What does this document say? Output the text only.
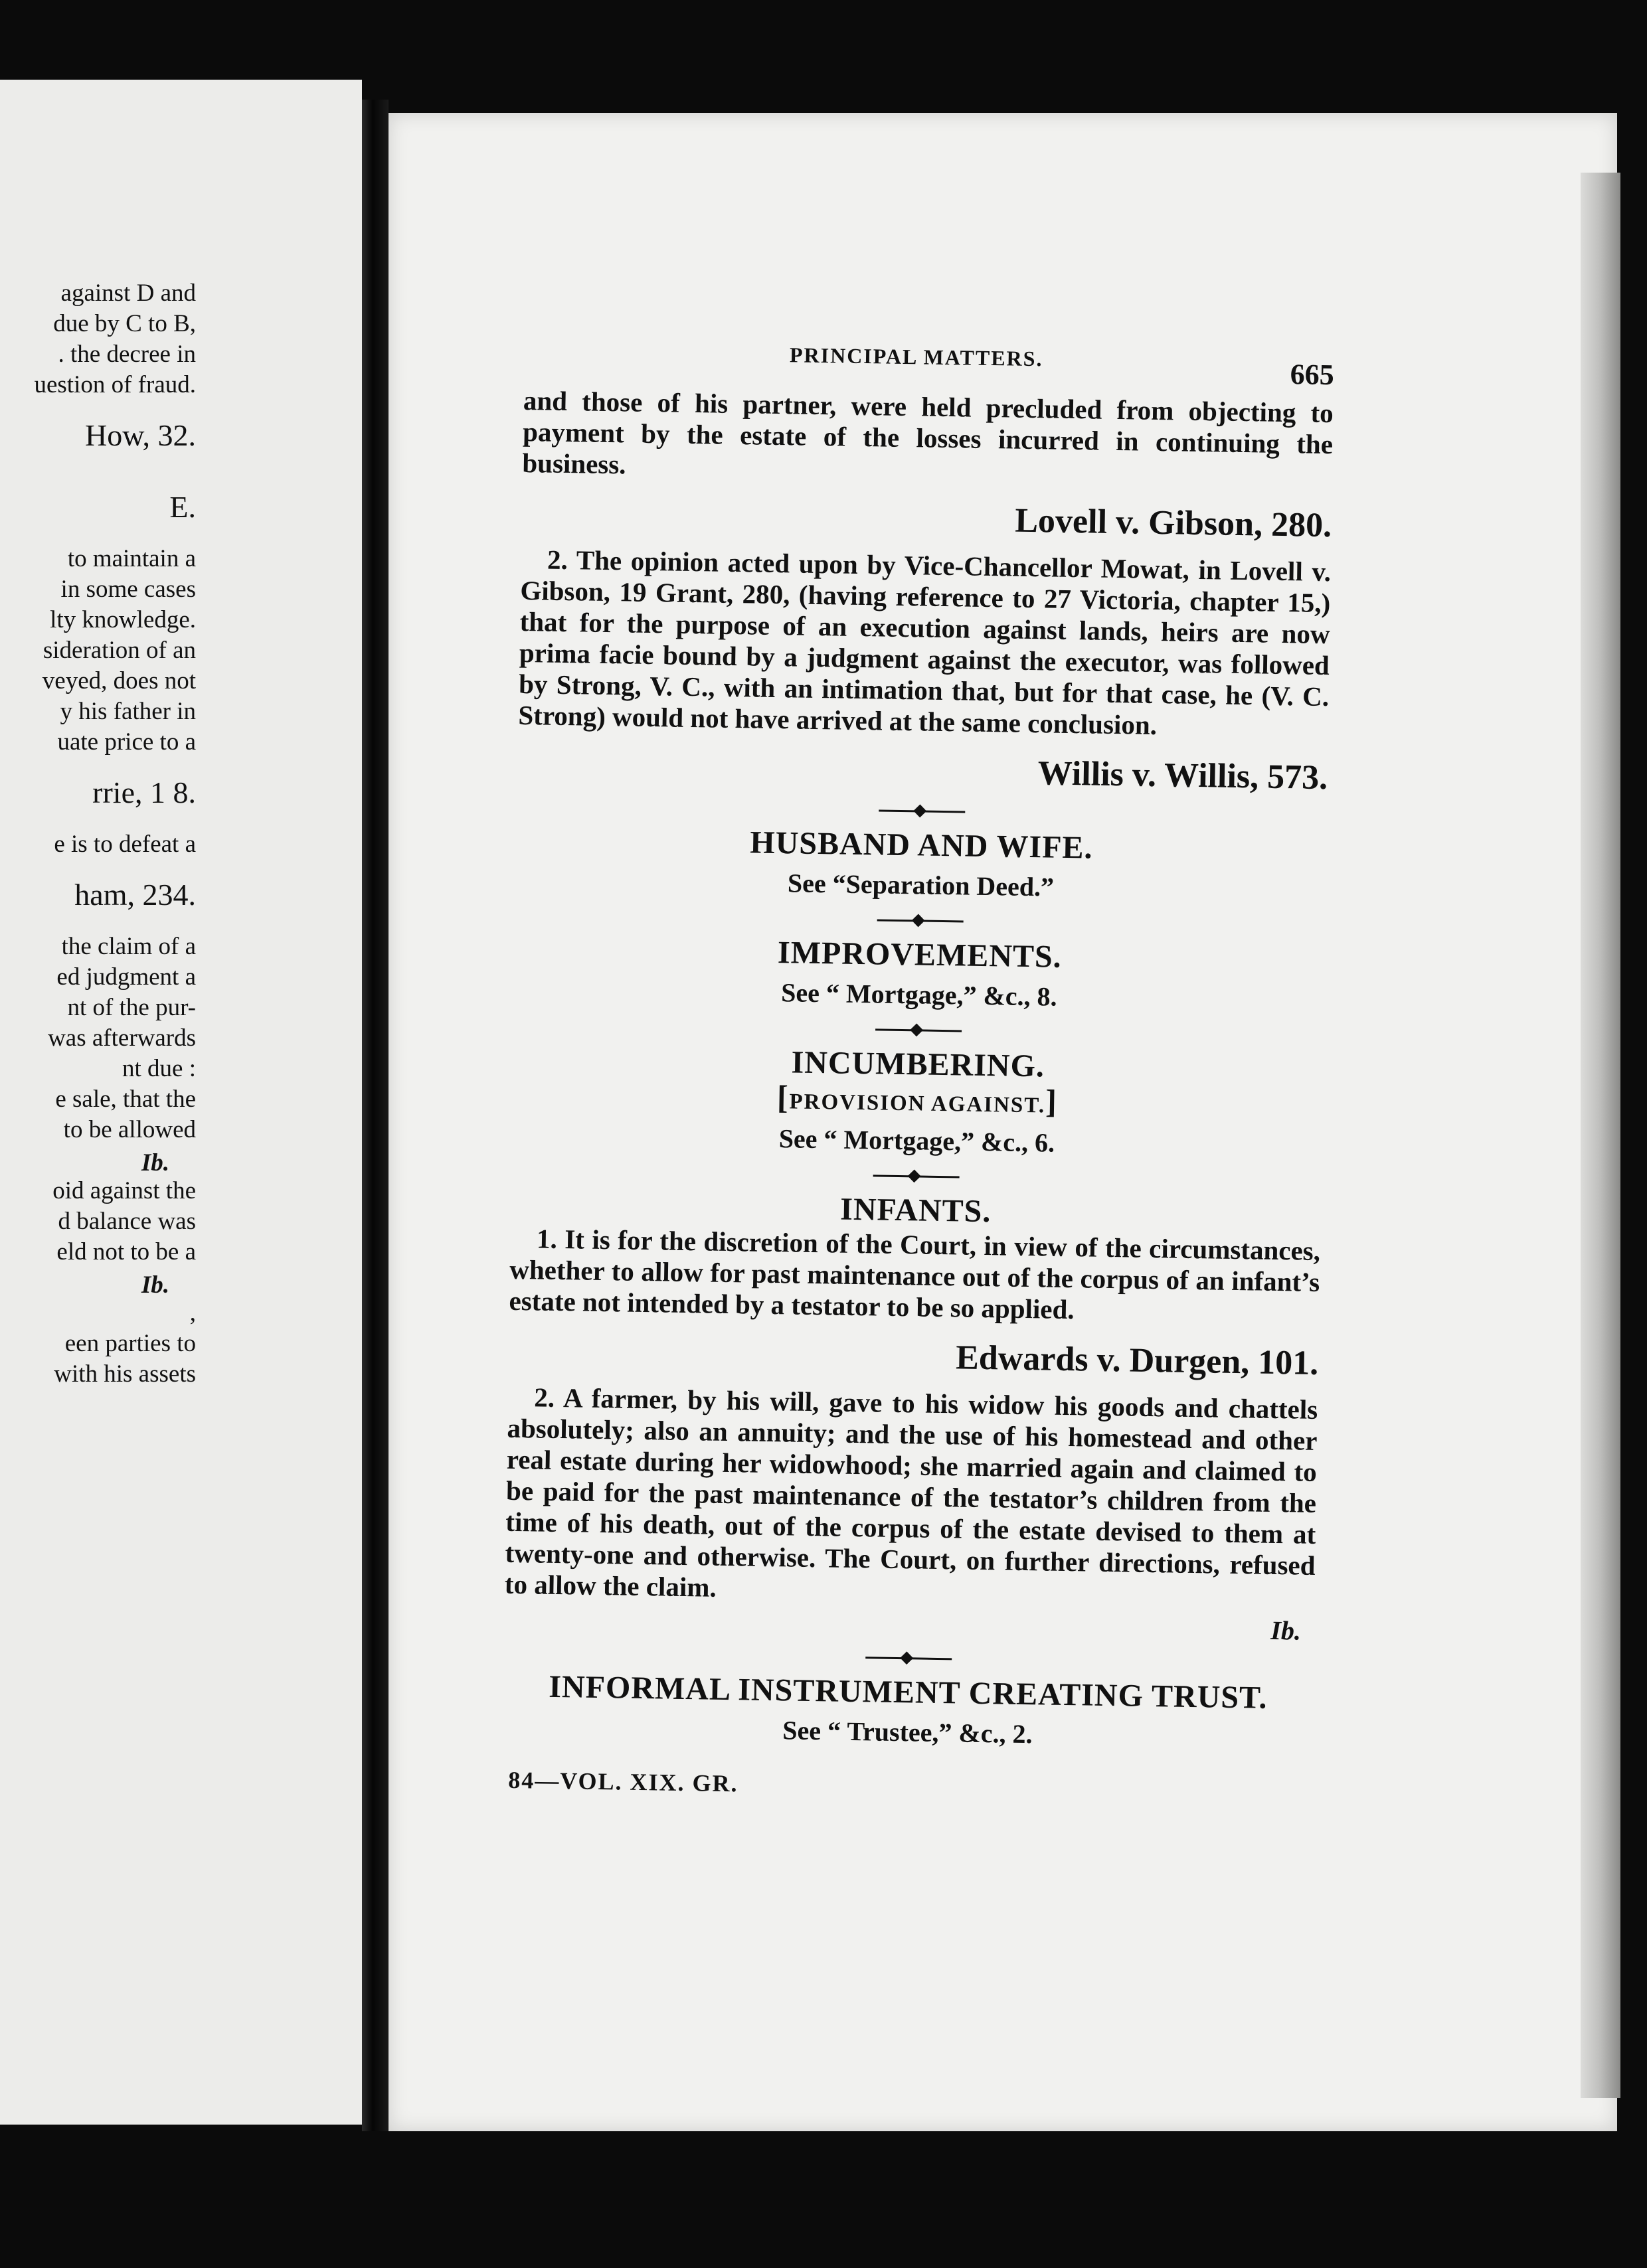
against D and
due by C to B,
. the decree in
uestion of fraud.
How, 32.
E.
to maintain a
in some cases
lty knowledge.
sideration of an
veyed, does not
y his father in
uate price to a
rrie, 1 8.
e is to defeat a
ham, 234.
the claim of a
ed judgment a
nt of the pur-
was afterwards
nt due :
e sale, that the
to be allowed
Ib.
oid against the
d balance was
eld not to be a
Ib.
,
een parties to
with his assets

PRINCIPAL MATTERS.
665

and those of his partner, were held precluded from objecting to payment by the estate of the losses incurred in continuing the business.

Lovell v. Gibson, 280.

2. The opinion acted upon by Vice-Chancellor Mowat, in Lovell v. Gibson, 19 Grant, 280, (having reference to 27 Victoria, chapter 15,) that for the purpose of an execution against lands, heirs are now prima facie bound by a judgment against the executor, was followed by Strong, V. C., with an intimation that, but for that case, he (V. C. Strong) would not have arrived at the same conclusion.

Willis v. Willis, 573.
HUSBAND AND WIFE.
See “Separation Deed.”
IMPROVEMENTS.
See “ Mortgage,” &c., 8.
INCUMBERING.
[PROVISION AGAINST.]
See “ Mortgage,” &c., 6.
INFANTS.

1. It is for the discretion of the Court, in view of the circumstances, whether to allow for past maintenance out of the corpus of an infant’s estate not intended by a testator to be so applied.

Edwards v. Durgen, 101.

2. A farmer, by his will, gave to his widow his goods and chattels absolutely; also an annuity; and the use of his homestead and other real estate during her widowhood; she married again and claimed to be paid for the past maintenance of the testator’s children from the time of his death, out of the corpus of the estate devised to them at twenty-one and otherwise. The Court, on further directions, refused to allow the claim.

Ib.
INFORMAL INSTRUMENT CREATING TRUST.
See “ Trustee,” &c., 2.
84—VOL. XIX. GR.
